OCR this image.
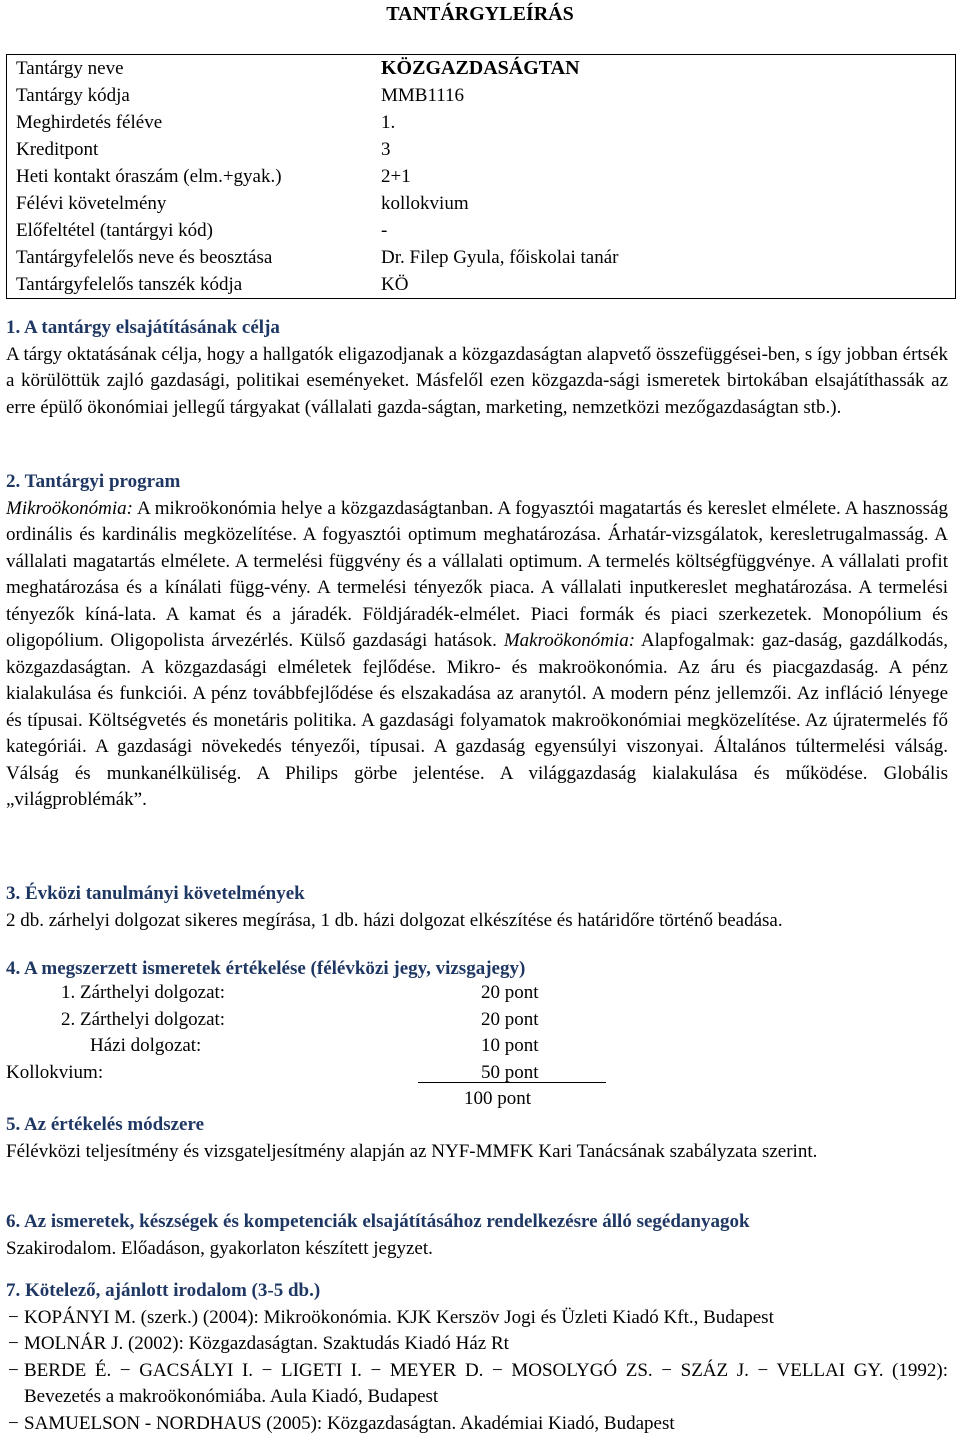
TANTÁRGYLEÍRÁS
Tantárgy neve	KÖZGAZDASÁGTAN
Tantárgy kódja	MMB1116
Meghirdetés féléve	1.
Kreditpont	3
Heti kontakt óraszám (elm.+gyak.)	2+1
Félévi követelmény	kollokvium
Előfeltétel (tantárgyi kód)	-
Tantárgyfelelős neve és beosztása	Dr. Filep Gyula, főiskolai tanár
Tantárgyfelelős tanszék kódja	KÖ
1. A tantárgy elsajátításának célja
A tárgy oktatásának célja, hogy a hallgatók eligazodjanak a közgazdaságtan alapvető összefüggései-ben, s így jobban értsék a körülöttük zajló gazdasági, politikai eseményeket. Másfelől ezen közgazda-sági ismeretek birtokában elsajátíthassák az erre épülő ökonómiai jellegű tárgyakat (vállalati gazda-ságtan, marketing, nemzetközi mezőgazdaságtan stb.).
2. Tantárgyi program
Mikroökonómia: A mikroökonómia helye a közgazdaságtanban. A fogyasztói magatartás és kereslet elmélete. A hasznosság ordinális és kardinális megközelítése. A fogyasztói optimum meghatározása. Árhatár-vizsgálatok, keresletrugalmasság. A vállalati magatartás elmélete. A termelési függvény és a vállalati optimum. A termelés költségfüggvénye. A vállalati profit meghatározása és a kínálati függ-vény. A termelési tényezők piaca. A vállalati inputkereslet meghatározása. A termelési tényezők kíná-lata. A kamat és a járadék. Földjáradék-elmélet. Piaci formák és piaci szerkezetek. Monopólium és oligopólium. Oligopolista árvezérlés. Külső gazdasági hatások. Makroökonómia: Alapfogalmak: gaz-daság, gazdálkodás, közgazdaságtan. A közgazdasági elméletek fejlődése. Mikro- és makroökonómia. Az áru és piacgazdaság. A pénz kialakulása és funkciói. A pénz továbbfejlődése és elszakadása az aranytól. A modern pénz jellemzői. Az infláció lényege és típusai. Költségvetés és monetáris politika. A gazdasági folyamatok makroökonómiai megközelítése. Az újratermelés fő kategóriái. A gazdasági növekedés tényezői, típusai. A gazdaság egyensúlyi viszonyai. Általános túltermelési válság. Válság és munkanélküliség. A Philips görbe jelentése. A világgazdaság kialakulása és működése. Globális „világproblémák”.
3. Évközi tanulmányi követelmények
2 db. zárhelyi dolgozat sikeres megírása, 1 db. házi dolgozat elkészítése és határidőre történő beadása.
4. A megszerzett ismeretek értékelése (félévközi jegy, vizsgajegy)
1. Zárthelyi dolgozat:	20 pont
2. Zárthelyi dolgozat:	20 pont
Házi dolgozat:	10 pont
Kollokvium:	50 pont
100 pont
5. Az értékelés módszere
Félévközi teljesítmény és vizsgateljesítmény alapján az NYF-MMFK Kari Tanácsának szabályzata szerint.
6. Az ismeretek, készségek és kompetenciák elsajátításához rendelkezésre álló segédanyagok
Szakirodalom. Előadáson, gyakorlaton készített jegyzet.
7. Kötelező, ajánlott irodalom (3-5 db.)
− KOPÁNYI M. (szerk.) (2004): Mikroökonómia. KJK Kerszöv Jogi és Üzleti Kiadó Kft., Budapest
− MOLNÁR J. (2002): Közgazdaságtan. Szaktudás Kiadó Ház Rt
− BERDE É. − GACSÁLYI I. − LIGETI I. − MEYER D. − MOSOLYGÓ ZS. − SZÁZ J. − VELLAI GY. (1992): Bevezetés a makroökonómiába. Aula Kiadó, Budapest
− SAMUELSON - NORDHAUS (2005): Közgazdaságtan. Akadémiai Kiadó, Budapest
